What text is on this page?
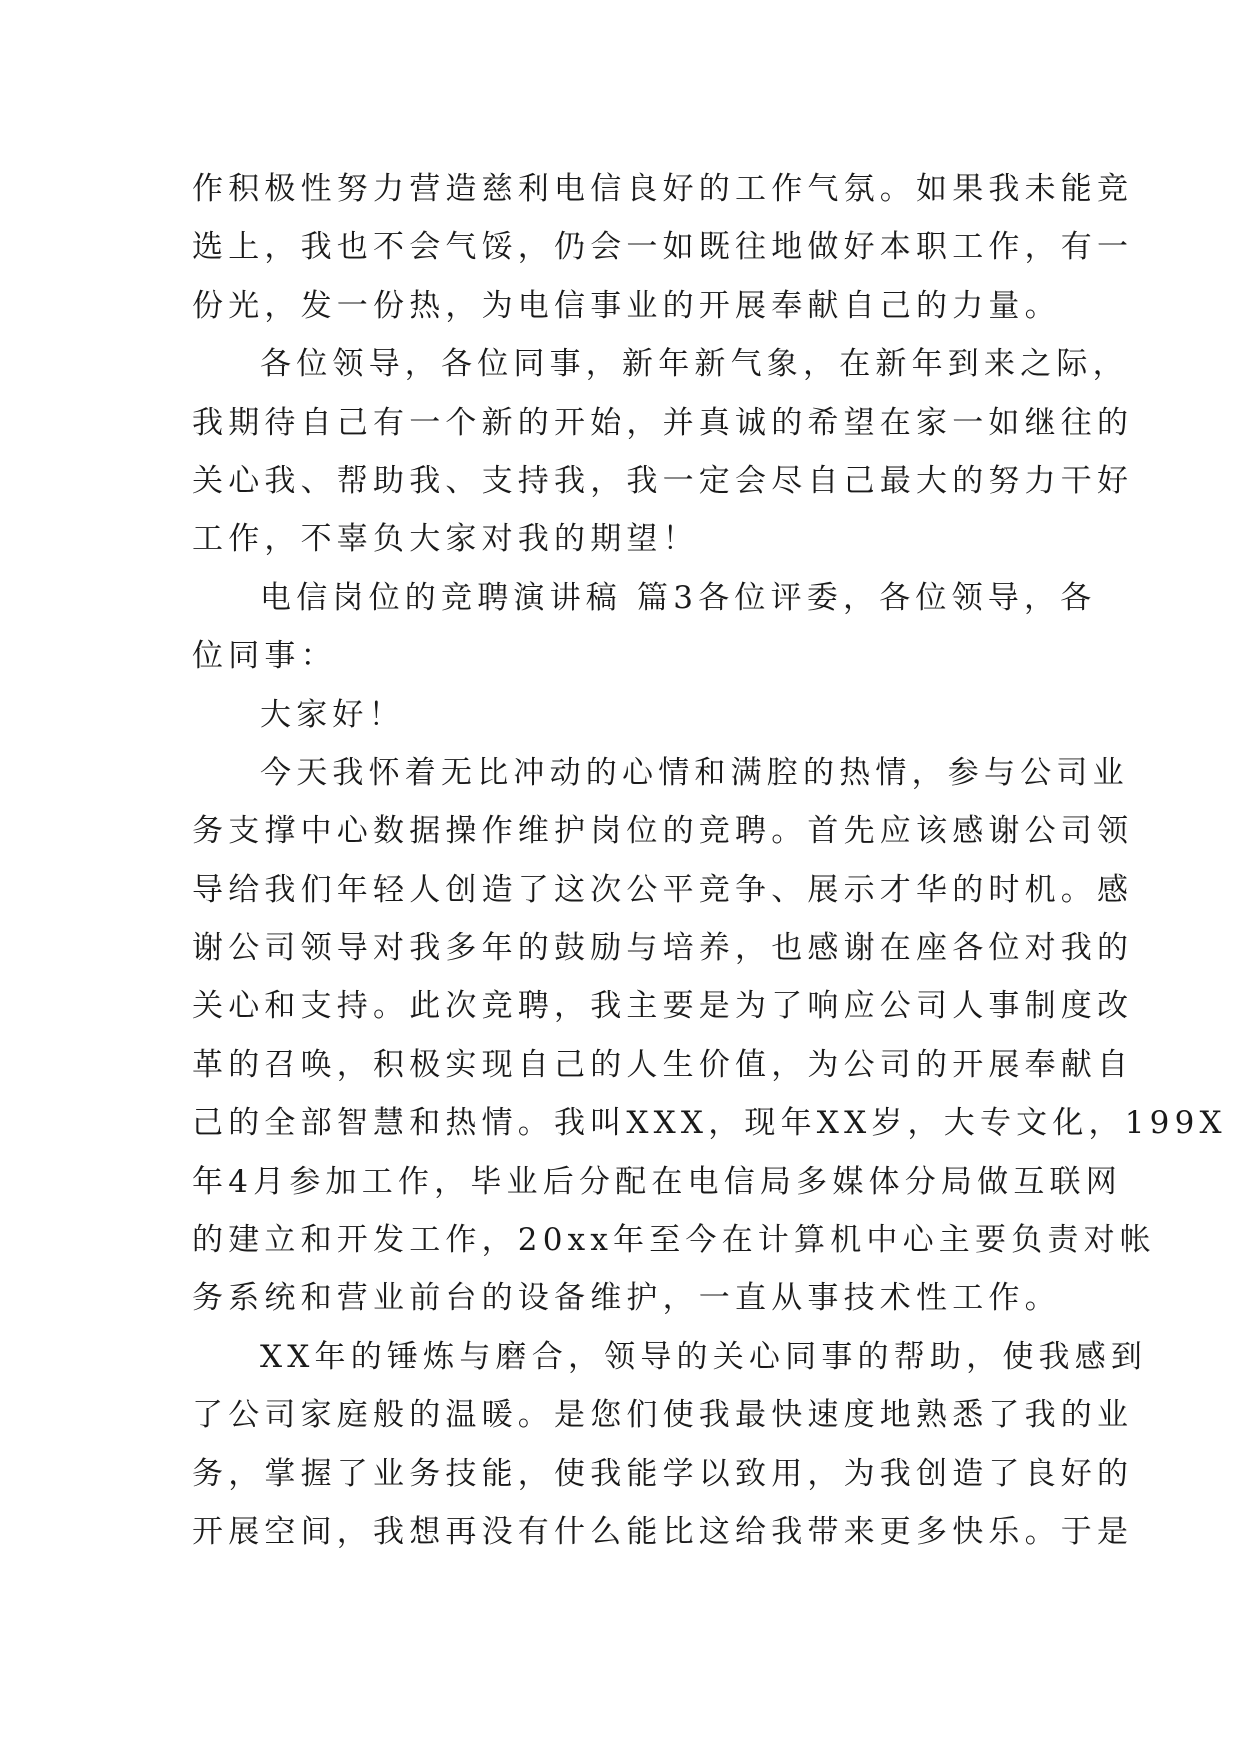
作积极性努力营造慈利电信良好的工作气氛。如果我未能竞
选上，我也不会气馁，仍会一如既往地做好本职工作，有一
份光，发一份热，为电信事业的开展奉献自己的力量。
各位领导，各位同事，新年新气象，在新年到来之际，
我期待自己有一个新的开始，并真诚的希望在家一如继往的
关心我、帮助我、支持我，我一定会尽自己最大的努力干好
工作，不辜负大家对我的期望！
电信岗位的竞聘演讲稿 篇3各位评委，各位领导，各
位同事：
大家好！
今天我怀着无比冲动的心情和满腔的热情，参与公司业
务支撑中心数据操作维护岗位的竞聘。首先应该感谢公司领
导给我们年轻人创造了这次公平竞争、展示才华的时机。感
谢公司领导对我多年的鼓励与培养，也感谢在座各位对我的
关心和支持。此次竞聘，我主要是为了响应公司人事制度改
革的召唤，积极实现自己的人生价值，为公司的开展奉献自
己的全部智慧和热情。我叫XXX，现年XX岁，大专文化，199X
年4月参加工作，毕业后分配在电信局多媒体分局做互联网
的建立和开发工作，20xx年至今在计算机中心主要负责对帐
务系统和营业前台的设备维护，一直从事技术性工作。
XX年的锤炼与磨合，领导的关心同事的帮助，使我感到
了公司家庭般的温暖。是您们使我最快速度地熟悉了我的业
务，掌握了业务技能，使我能学以致用，为我创造了良好的
开展空间，我想再没有什么能比这给我带来更多快乐。于是
